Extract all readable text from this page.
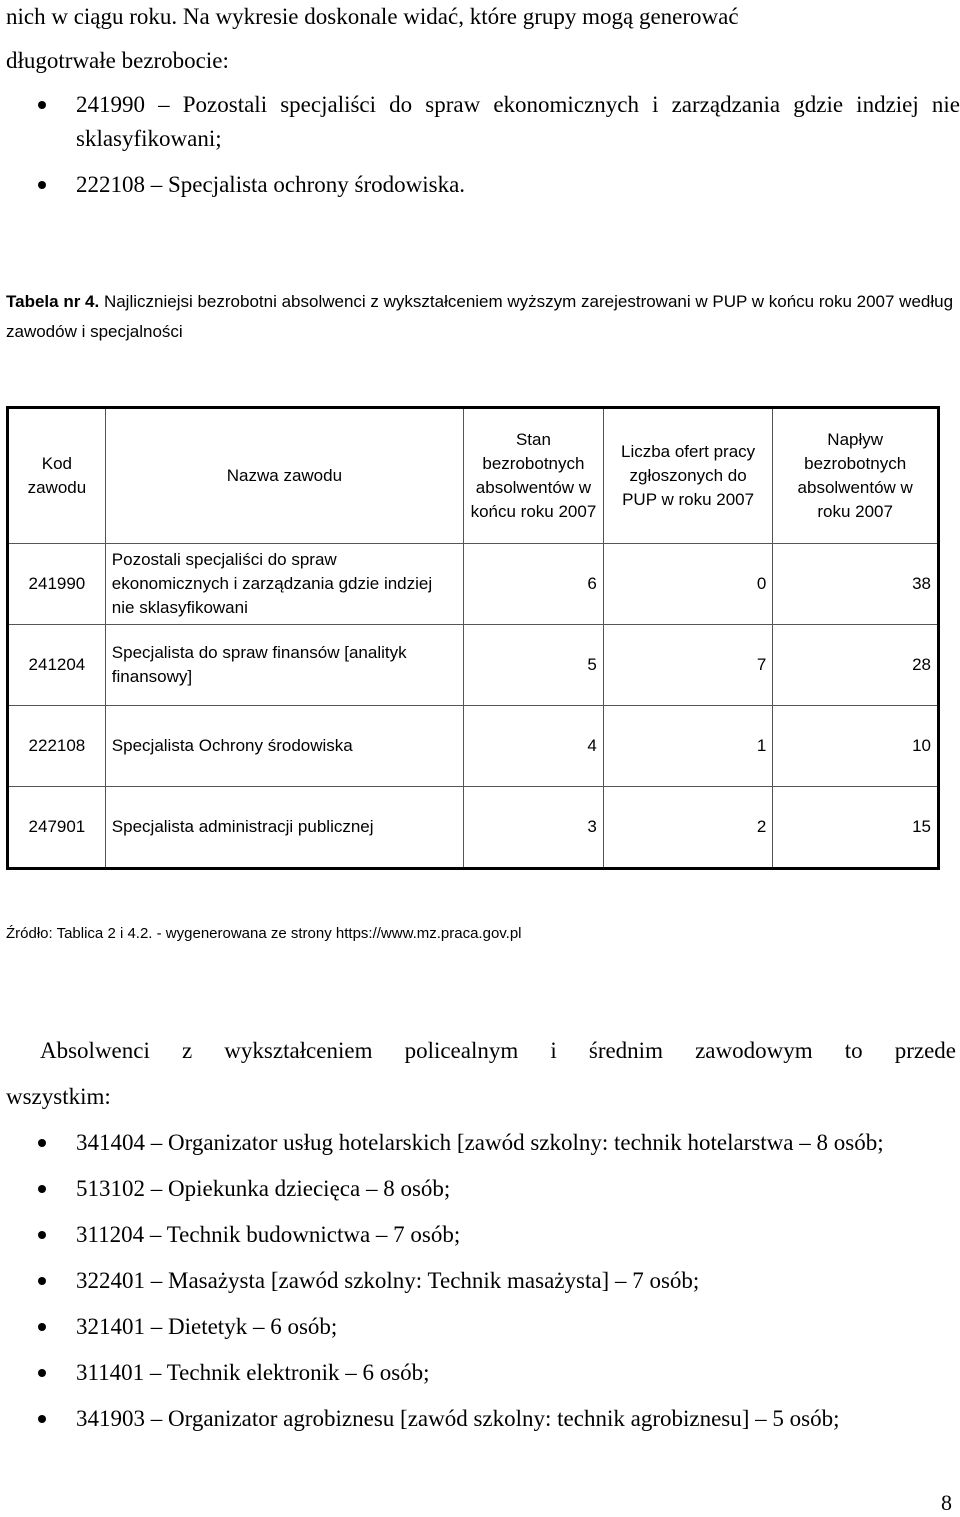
nich w ciągu roku. Na wykresie doskonale widać, które grupy mogą generować
długotrwałe bezrobocie:
241990 – Pozostali specjaliści do spraw ekonomicznych i zarządzania gdzie indziej nie sklasyfikowani;
222108 – Specjalista ochrony środowiska.
Tabela nr 4. Najliczniejsi bezrobotni absolwenci z wykształceniem wyższym zarejestrowani w PUP w końcu roku 2007 według zawodów i specjalności
Kod zawodu	Nazwa zawodu	Stan bezrobotnych absolwentów w końcu roku 2007	Liczba ofert pracy zgłoszonych do PUP w roku 2007	Napływ bezrobotnych absolwentów w roku 2007
241990	Pozostali specjaliści do spraw ekonomicznych i zarządzania gdzie indziej nie sklasyfikowani	6	0	38
241204	Specjalista do spraw finansów [analityk finansowy]	5	7	28
222108	Specjalista Ochrony środowiska	4	1	10
247901	Specjalista administracji publicznej	3	2	15
Źródło: Tablica 2 i 4.2. - wygenerowana ze strony https://www.mz.praca.gov.pl
Absolwenci z wykształceniem policealnym i średnim zawodowym to przede
wszystkim:
341404 – Organizator usług hotelarskich [zawód szkolny: technik hotelarstwa – 8 osób;
513102 – Opiekunka dziecięca – 8 osób;
311204 – Technik budownictwa – 7 osób;
322401 – Masażysta [zawód szkolny: Technik masażysta] – 7 osób;
321401 – Dietetyk – 6 osób;
311401 – Technik elektronik – 6 osób;
341903 – Organizator agrobiznesu [zawód szkolny: technik agrobiznesu] – 5 osób;
8
